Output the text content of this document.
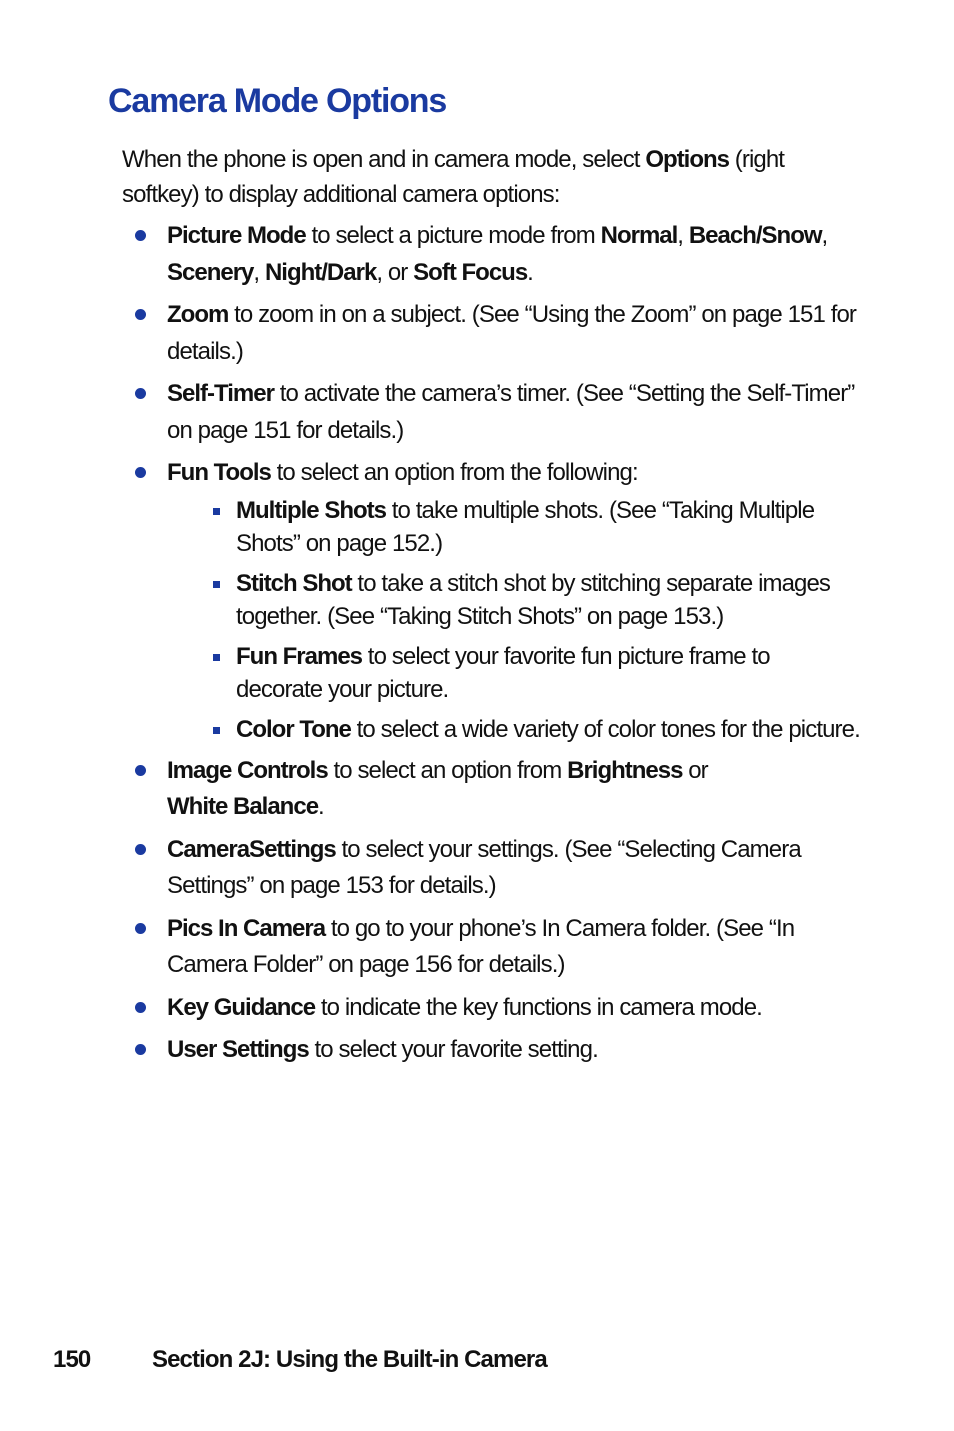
Camera Mode Options

When the phone is open and in camera mode, select Options (right softkey) to display additional camera options:

Picture Mode to select a picture mode from Normal, Beach/Snow, Scenery, Night/Dark, or Soft Focus.
Zoom to zoom in on a subject. (See “Using the Zoom” on page 151 for details.)
Self-Timer to activate the camera’s timer. (See “Setting the Self-Timer” on page 151 for details.)
Fun Tools to select an option from the following:
Multiple Shots to take multiple shots. (See “Taking Multiple Shots” on page 152.)
Stitch Shot to take a stitch shot by stitching separate images together. (See “Taking Stitch Shots” on page 153.)
Fun Frames to select your favorite fun picture frame to decorate your picture.
Color Tone to select a wide variety of color tones for the picture.
Image Controls to select an option from Brightness or
White Balance.
CameraSettings to select your settings. (See “Selecting Camera Settings” on page 153 for details.)
Pics In Camera to go to your phone’s In Camera folder. (See “In Camera Folder” on page 156 for details.)
Key Guidance to indicate the key functions in camera mode.
User Settings to select your favorite setting.
150	Section 2J: Using the Built-in Camera
